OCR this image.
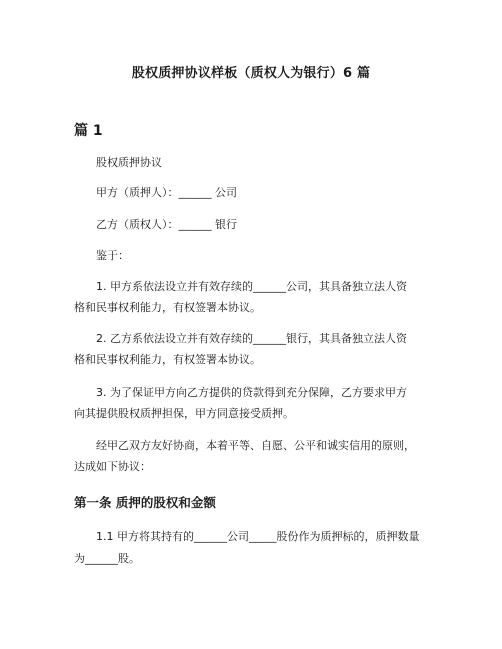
股权质押协议样板（质权人为银行）6 篇
篇 1
股权质押协议
甲方（质押人）：______ 公司
乙方（质权人）：______ 银行
鉴于：
1. 甲方系依法设立并有效存续的______公司，其具备独立法人资
格和民事权利能力，有权签署本协议。
2. 乙方系依法设立并有效存续的______银行，其具备独立法人资
格和民事权利能力，有权签署本协议。
3. 为了保证甲方向乙方提供的贷款得到充分保障，乙方要求甲方
向其提供股权质押担保，甲方同意接受质押。
经甲乙双方友好协商，本着平等、自愿、公平和诚实信用的原则，
达成如下协议：
第一条 质押的股权和金额
1.1 甲方将其持有的______公司_____股份作为质押标的，质押数量
为______股。
